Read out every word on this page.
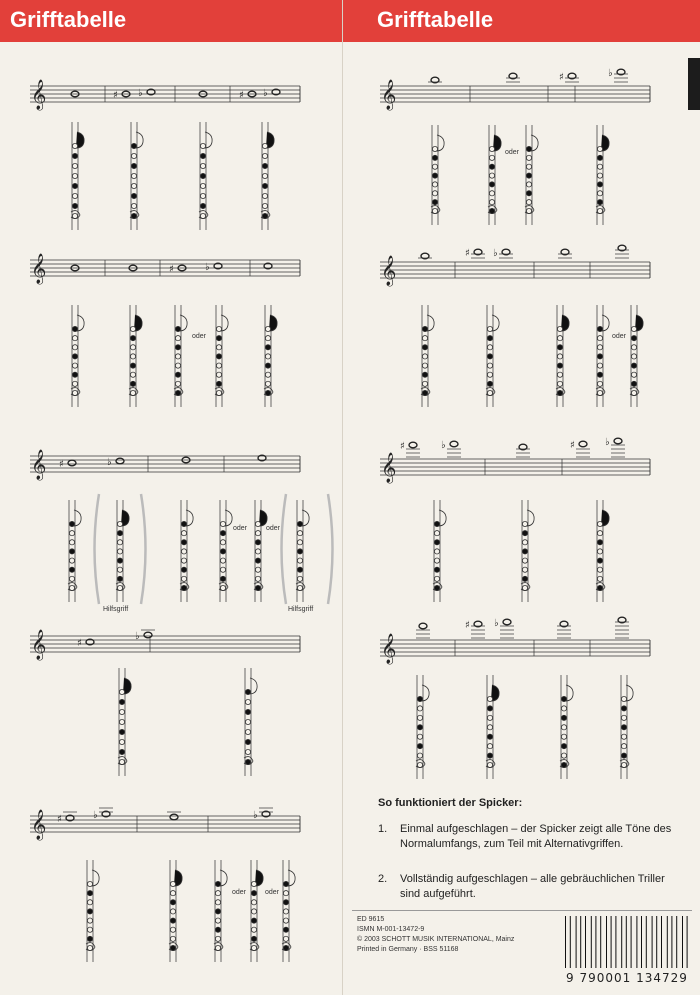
Grifftabelle	Grifftabelle
𝄞	♯ ♭	♯ ♭
𝄞	♯	♭
𝄞 ♯	♭
𝄞	♯
♭
𝄞 ♯	♭	♭
𝄞
♯	♭
𝄞
♯ ♭
𝄞
♯	♭	♯	♭
𝄞
♯ ♭
oder
oder	oder
oder	oder
oder	oder
Hilfsgriff	Hilfsgriff
So funktioniert der Spicker:
1. Einmal aufgeschlagen – der Spicker zeigt alle Töne des Normalumfangs, zum Teil mit Alternativgriffen.
2. Vollständig aufgeschlagen – alle gebräuchlichen Triller sind aufgeführt.
ED 9615
ISMN M-001-13472-9
© 2003 SCHOTT MUSIK INTERNATIONAL, Mainz
Printed in Germany · BSS 51168
9 790001 134729
